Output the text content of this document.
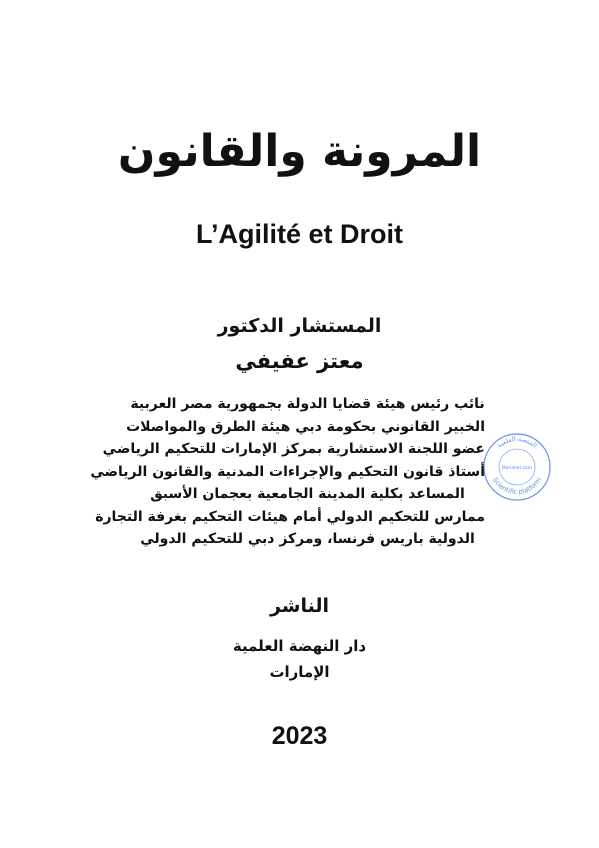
المرونة والقانون
L’Agilité et Droit
المستشار الدكتور
معتز عفيفي
نائب رئيس هيئة قضايا الدولة بجمهورية مصر العربية
الخبير القانوني بحكومة دبي هيئة الطرق والمواصلات
عضو اللجنة الاستشارية بمركز الإمارات للتحكيم الرياضي
أستاذ قانون التحكيم والإجراءات المدنية والقانون الرياضي
المساعد بكلية المدينة الجامعية بعجمان الأسبق
ممارس للتحكيم الدولي أمام هيئات التحكيم بغرفة التجارة
الدولية باريس فرنسا، ومركز دبي للتحكيم الدولي
الناشر
دار النهضة العلمية
الإمارات
2023
المنصة العلمية
Manahel.com
Scientific platform
